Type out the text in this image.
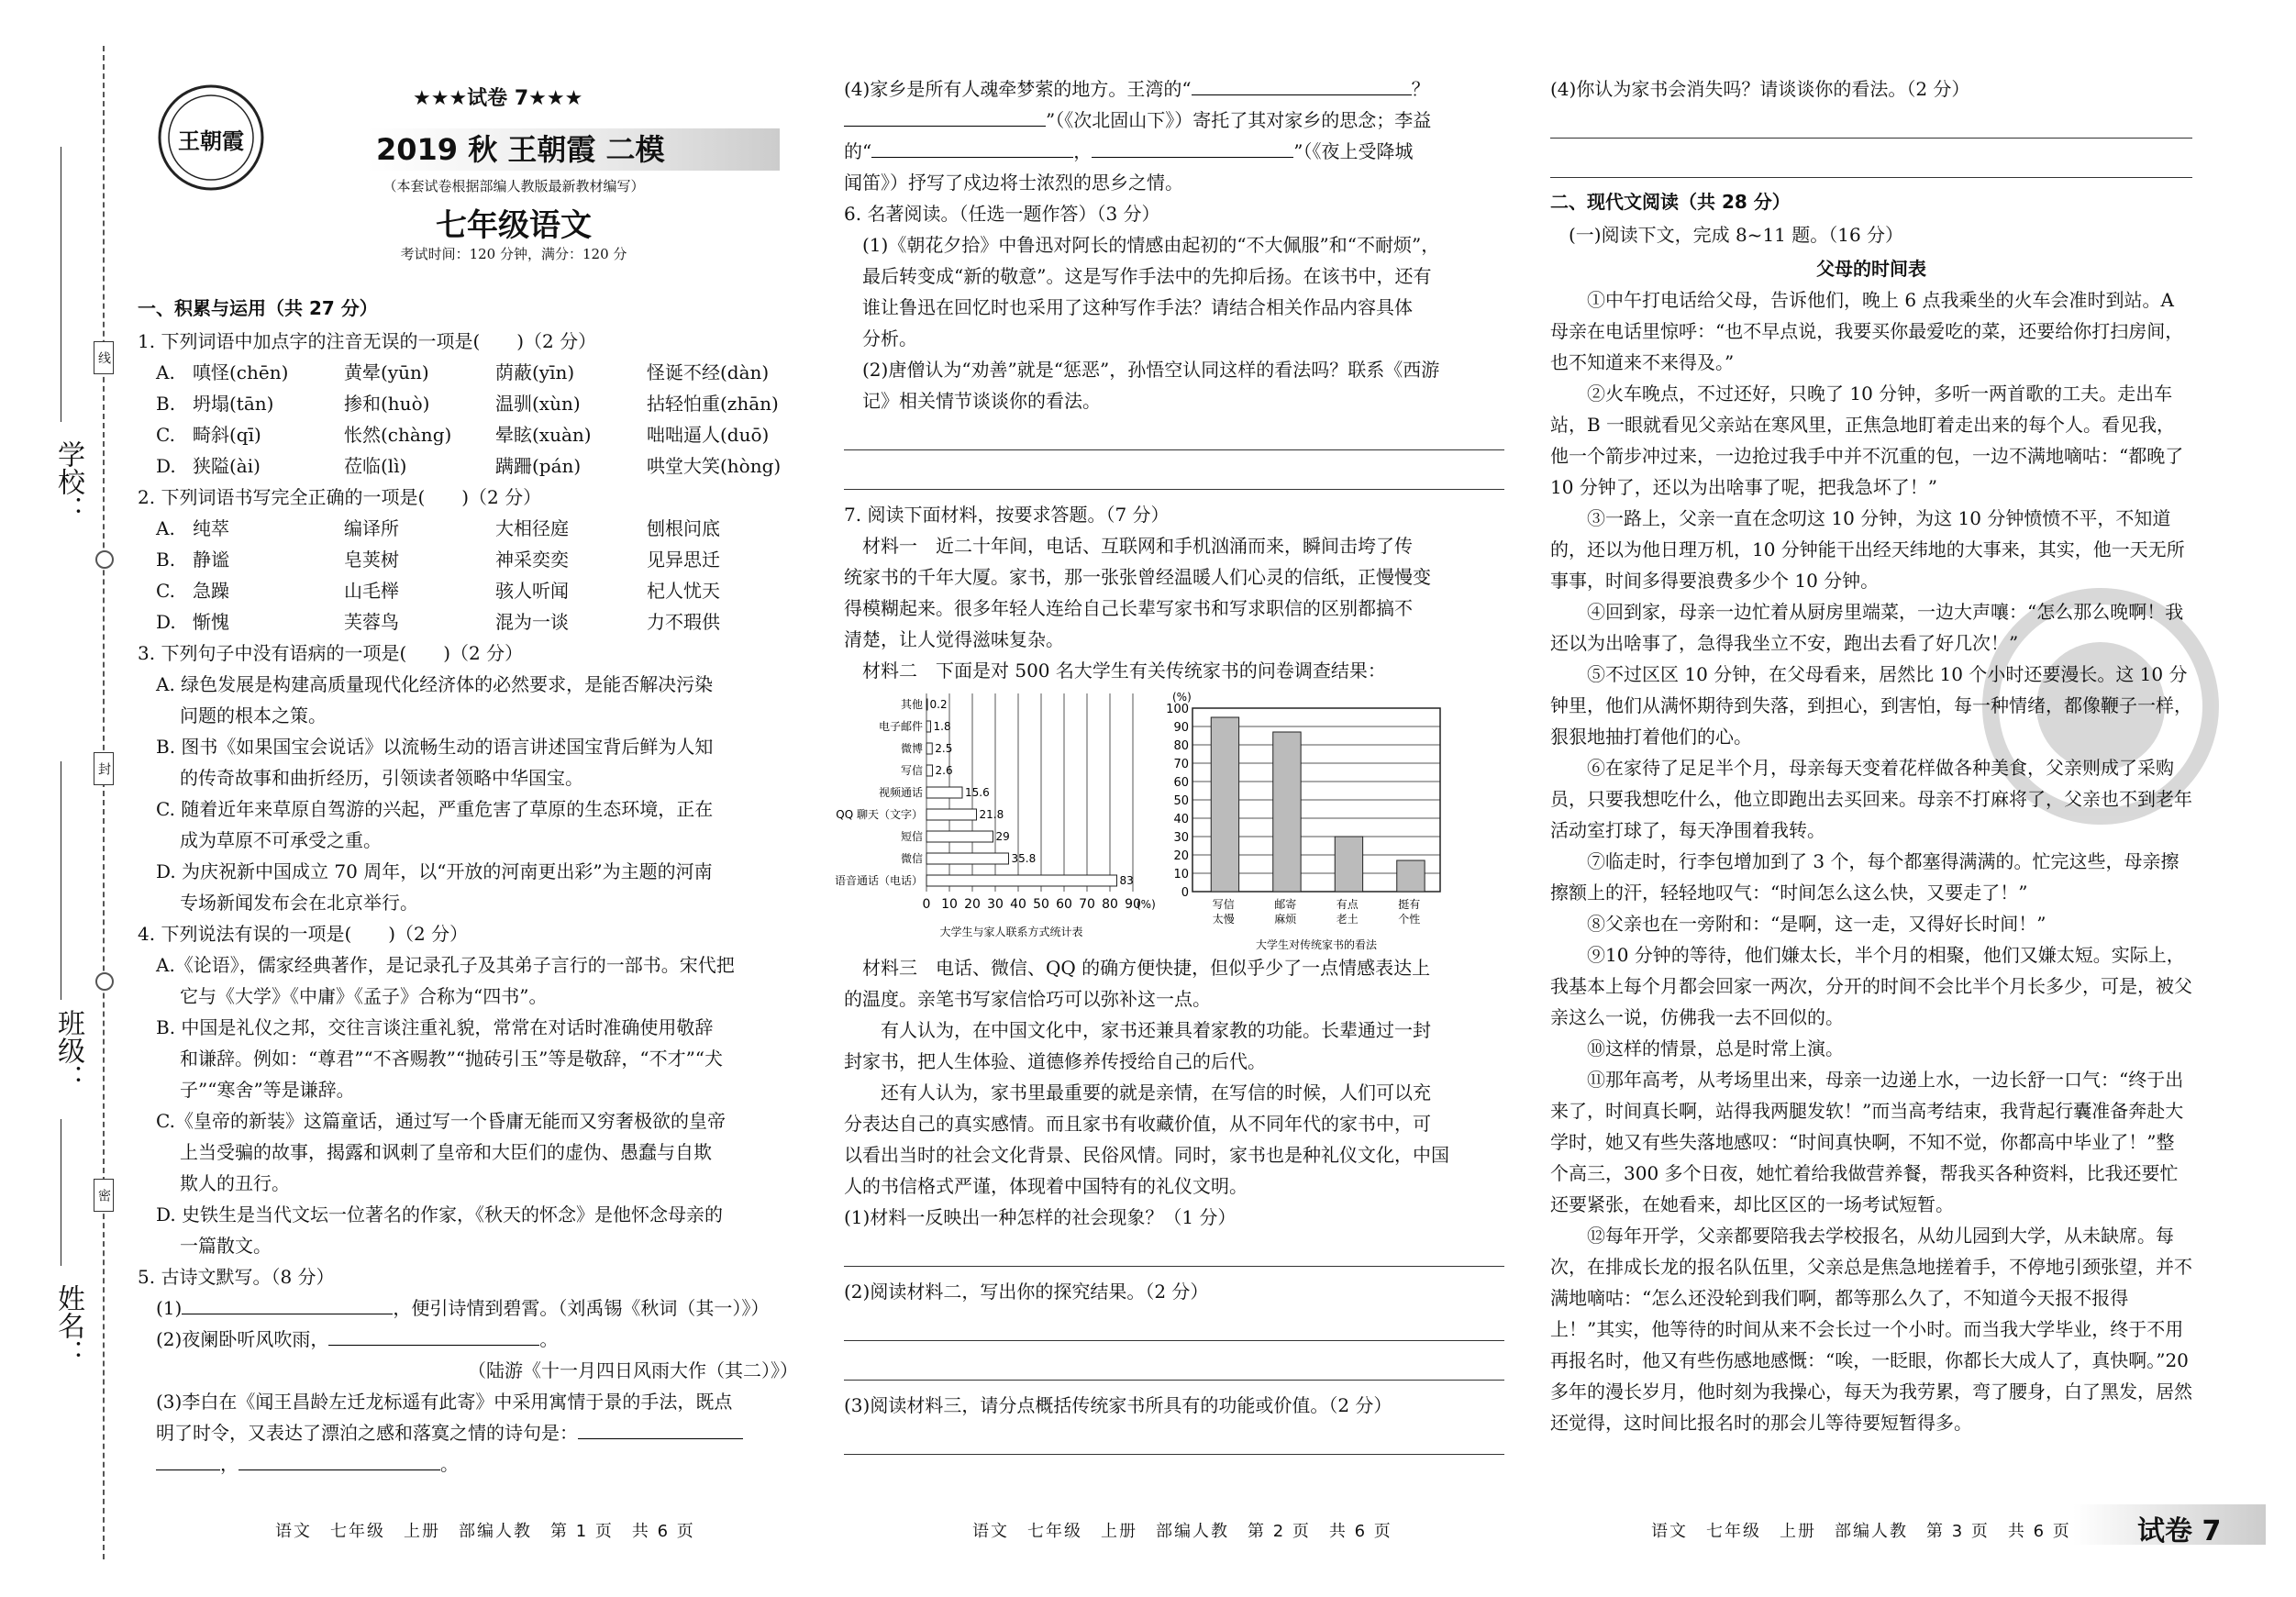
学校：
班级：
姓名：
线
封
密
王朝霞
★★★试卷 7★★★
2019 秋 王朝霞 二模
（本套试卷根据部编人教版最新教材编写）
七年级语文
考试时间：120 分钟，满分：120 分
一、积累与运用（共 27 分）
1. 下列词语中加点字的注音无误的一项是(　　)（2 分）
A. 嗔怪(chēn)	黄晕(yūn)	荫蔽(yīn)	怪诞不经(dàn)
B. 坍塌(tān)	掺和(huò)	温驯(xùn)	拈轻怕重(zhān)
C. 畸斜(qī)	怅然(chàng)	晕眩(xuàn)	咄咄逼人(duō)
D. 狭隘(ài)	莅临(lì)	蹒跚(pán)	哄堂大笑(hòng)
2. 下列词语书写完全正确的一项是(　　)（2 分）
A. 纯萃	编译所	大相径庭	刨根问底
B. 静谧	皂荚树	神采奕奕	见异思迁
C. 急躁	山毛榉	骇人听闻	杞人忧天
D. 惭愧	芙蓉鸟	混为一谈	力不瑕供
3. 下列句子中没有语病的一项是(　　)（2 分）
A. 绿色发展是构建高质量现代化经济体的必然要求，是能否解决污染
问题的根本之策。
B. 图书《如果国宝会说话》以流畅生动的语言讲述国宝背后鲜为人知
的传奇故事和曲折经历，引领读者领略中华国宝。
C. 随着近年来草原自驾游的兴起，严重危害了草原的生态环境，正在
成为草原不可承受之重。
D. 为庆祝新中国成立 70 周年，以“开放的河南更出彩”为主题的河南
专场新闻发布会在北京举行。
4. 下列说法有误的一项是(　　)（2 分）
A.《论语》，儒家经典著作，是记录孔子及其弟子言行的一部书。宋代把
它与《大学》《中庸》《孟子》合称为“四书”。
B. 中国是礼仪之邦，交往言谈注重礼貌，常常在对话时准确使用敬辞
和谦辞。例如：“尊君”“不吝赐教”“抛砖引玉”等是敬辞，“不才”“犬
子”“寒舍”等是谦辞。
C.《皇帝的新装》这篇童话，通过写一个昏庸无能而又穷奢极欲的皇帝
上当受骗的故事，揭露和讽刺了皇帝和大臣们的虚伪、愚蠢与自欺
欺人的丑行。
D. 史铁生是当代文坛一位著名的作家，《秋天的怀念》是他怀念母亲的
一篇散文。
5. 古诗文默写。（8 分）
(1)	，便引诗情到碧霄。（刘禹锡《秋词（其一）》）
(2)夜阑卧听风吹雨，	。
（陆游《十一月四日风雨大作（其二）》）
(3)李白在《闻王昌龄左迁龙标遥有此寄》中采用寓情于景的手法，既点
明了时令，又表达了漂泊之感和落寞之情的诗句是：
，	。
(4)家乡是所有人魂牵梦萦的地方。王湾的“	？
”（《次北固山下》）寄托了其对家乡的思念；李益
的“	，	”（《夜上受降城
闻笛》）抒写了戍边将士浓烈的思乡之情。
6. 名著阅读。（任选一题作答）（3 分）
(1)《朝花夕拾》中鲁迅对阿长的情感由起初的“不大佩服”和“不耐烦”，
最后转变成“新的敬意”。这是写作手法中的先抑后扬。在该书中，还有
谁让鲁迅在回忆时也采用了这种写作手法？请结合相关作品内容具体
分析。
(2)唐僧认为“劝善”就是“惩恶”，孙悟空认同这样的看法吗？联系《西游
记》相关情节谈谈你的看法。
7. 阅读下面材料，按要求答题。（7 分）
材料一　近二十年间，电话、互联网和手机汹涌而来，瞬间击垮了传
统家书的千年大厦。家书，那一张张曾经温暖人们心灵的信纸，正慢慢变
得模糊起来。很多年轻人连给自己长辈写家书和写求职信的区别都搞不
清楚，让人觉得滋味复杂。
材料二　下面是对 500 名大学生有关传统家书的问卷调查结果：
0 10 20 30 40 50 60 70 80 90
(%)
其他 0.2
电子邮件 1.8
微博 2.5
写信 2.6
视频通话	15.6
QQ 聊天（文字）	21.8
短信	29
微信	35.8
语音通话（电话）	83
大学生与家人联系方式统计表
(%)
0
10
20
30
40
50
60
70
80
90
100
写信
太慢
邮寄
麻烦
有点
老土
挺有
个性
大学生对传统家书的看法
材料三　电话、微信、QQ 的确方便快捷，但似乎少了一点情感表达上
的温度。亲笔书写家信恰巧可以弥补这一点。
有人认为，在中国文化中，家书还兼具着家教的功能。长辈通过一封
封家书，把人生体验、道德修养传授给自己的后代。
还有人认为，家书里最重要的就是亲情，在写信的时候，人们可以充
分表达自己的真实感情。而且家书有收藏价值，从不同年代的家书中，可
以看出当时的社会文化背景、民俗风情。同时，家书也是种礼仪文化，中国
人的书信格式严谨，体现着中国特有的礼仪文明。
(1)材料一反映出一种怎样的社会现象？（1 分）
(2)阅读材料二，写出你的探究结果。（2 分）
(3)阅读材料三，请分点概括传统家书所具有的功能或价值。（2 分）
(4)你认为家书会消失吗？请谈谈你的看法。（2 分）
二、现代文阅读（共 28 分）
(一)阅读下文，完成 8~11 题。（16 分）
父母的时间表
①中午打电话给父母，告诉他们，晚上 6 点我乘坐的火车会准时到站。A 母亲在电话里惊呼：“也不早点说，我要买你最爱吃的菜，还要给你打扫房间，也不知道来不来得及。”
②火车晚点，不过还好，只晚了 10 分钟，多听一两首歌的工夫。走出车站，B 一眼就看见父亲站在寒风里，正焦急地盯着走出来的每个人。看见我，他一个箭步冲过来，一边抢过我手中并不沉重的包，一边不满地嘀咕：“都晚了 10 分钟了，还以为出啥事了呢，把我急坏了！”
③一路上，父亲一直在念叨这 10 分钟，为这 10 分钟愤愤不平，不知道的，还以为他日理万机，10 分钟能干出经天纬地的大事来，其实，他一天无所事事，时间多得要浪费多少个 10 分钟。
④回到家，母亲一边忙着从厨房里端菜，一边大声嚷：“怎么那么晚啊！我还以为出啥事了，急得我坐立不安，跑出去看了好几次！”
⑤不过区区 10 分钟，在父母看来，居然比 10 个小时还要漫长。这 10 分钟里，他们从满怀期待到失落，到担心，到害怕，每一种情绪，都像鞭子一样，狠狠地抽打着他们的心。
⑥在家待了足足半个月，母亲每天变着花样做各种美食，父亲则成了采购员，只要我想吃什么，他立即跑出去买回来。母亲不打麻将了，父亲也不到老年活动室打球了，每天净围着我转。
⑦临走时，行李包增加到了 3 个，每个都塞得满满的。忙完这些，母亲擦擦额上的汗，轻轻地叹气：“时间怎么这么快，又要走了！”
⑧父亲也在一旁附和：“是啊，这一走，又得好长时间！”
⑨10 分钟的等待，他们嫌太长，半个月的相聚，他们又嫌太短。实际上，我基本上每个月都会回家一两次，分开的时间不会比半个月长多少，可是，被父亲这么一说，仿佛我一去不回似的。
⑩这样的情景，总是时常上演。
⑪那年高考，从考场里出来，母亲一边递上水，一边长舒一口气：“终于出来了，时间真长啊，站得我两腿发软！”而当高考结束，我背起行囊准备奔赴大学时，她又有些失落地感叹：“时间真快啊，不知不觉，你都高中毕业了！”整个高三，300 多个日夜，她忙着给我做营养餐，帮我买各种资料，比我还要忙还要紧张，在她看来，却比区区的一场考试短暂。
⑫每年开学，父亲都要陪我去学校报名，从幼儿园到大学，从未缺席。每次，在排成长龙的报名队伍里，父亲总是焦急地搓着手，不停地引颈张望，并不满地嘀咕：“怎么还没轮到我们啊，都等那么久了，不知道今天报不报得上！”其实，他等待的时间从来不会长过一个小时。而当我大学毕业，终于不用再报名时，他又有些伤感地感慨：“唉，一眨眼，你都长大成人了，真快啊。”20 多年的漫长岁月，他时刻为我操心，每天为我劳累，弯了腰身，白了黑发，居然还觉得，这时间比报名时的那会儿等待要短暂得多。
语文　七年级　上册　部编人教　第 1 页　共 6 页	语文　七年级　上册　部编人教　第 2 页　共 6 页	语文　七年级　上册　部编人教　第 3 页　共 6 页 试卷 7
